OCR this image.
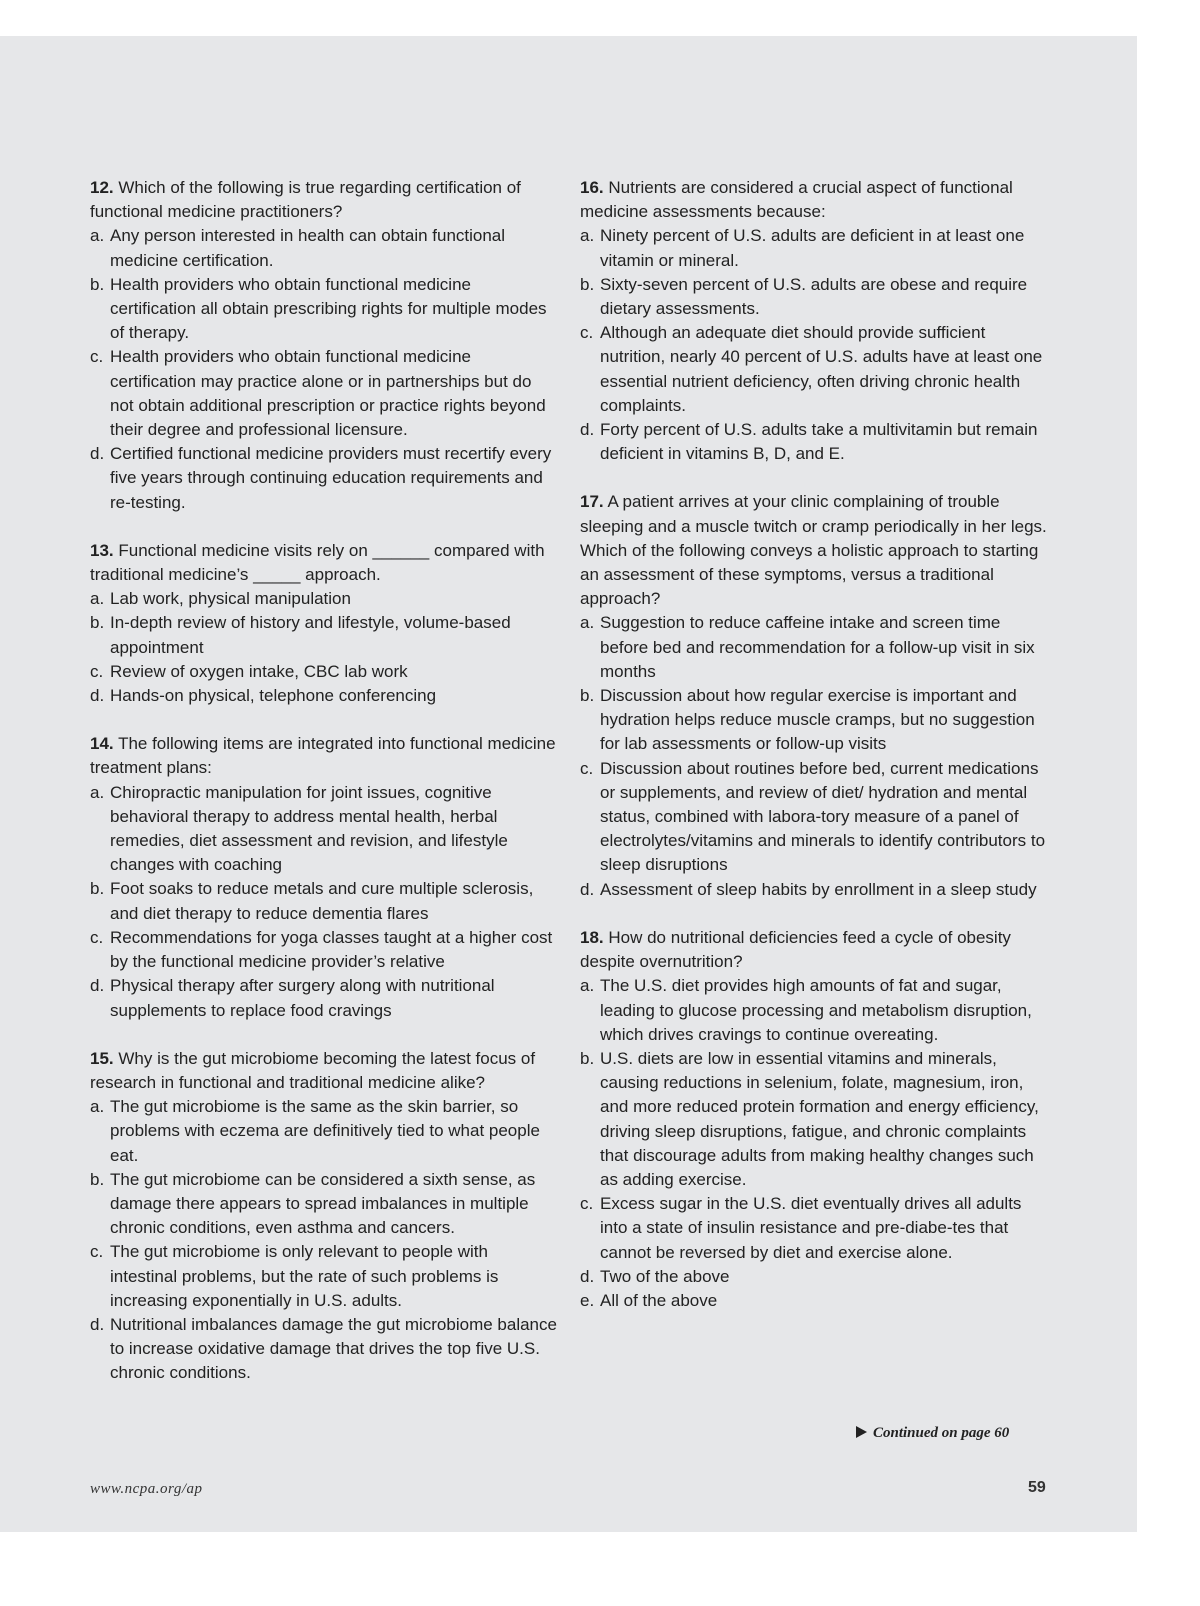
12. Which of the following is true regarding certification of functional medicine practitioners?

a. Any person interested in health can obtain functional medicine certification.
b. Health providers who obtain functional medicine certification all obtain prescribing rights for multiple modes of therapy.
c. Health providers who obtain functional medicine certification may practice alone or in partnerships but do not obtain additional prescription or practice rights beyond their degree and professional licensure.
d. Certified functional medicine providers must recertify every five years through continuing education requirements and re-testing.

13. Functional medicine visits rely on ______ compared with traditional medicine’s _____ approach.

a. Lab work, physical manipulation
b. In-depth review of history and lifestyle, volume-based appointment
c. Review of oxygen intake, CBC lab work
d. Hands-on physical, telephone conferencing

14. The following items are integrated into functional medicine treatment plans:

a. Chiropractic manipulation for joint issues, cognitive behavioral therapy to address mental health, herbal remedies, diet assessment and revision, and lifestyle changes with coaching
b. Foot soaks to reduce metals and cure multiple sclerosis, and diet therapy to reduce dementia flares
c. Recommendations for yoga classes taught at a higher cost by the functional medicine provider’s relative
d. Physical therapy after surgery along with nutritional supplements to replace food cravings

15. Why is the gut microbiome becoming the latest focus of research in functional and traditional medicine alike?

a. The gut microbiome is the same as the skin barrier, so problems with eczema are definitively tied to what people eat.
b. The gut microbiome can be considered a sixth sense, as damage there appears to spread imbalances in multiple chronic conditions, even asthma and cancers.
c. The gut microbiome is only relevant to people with intestinal problems, but the rate of such problems is increasing exponentially in U.S. adults.
d. Nutritional imbalances damage the gut microbiome balance to increase oxidative damage that drives the top five U.S. chronic conditions.

16. Nutrients are considered a crucial aspect of functional medicine assessments because:

a. Ninety percent of U.S. adults are deficient in at least one vitamin or mineral.
b. Sixty-seven percent of U.S. adults are obese and require dietary assessments.
c. Although an adequate diet should provide sufficient nutrition, nearly 40 percent of U.S. adults have at least one essential nutrient deficiency, often driving chronic health complaints.
d. Forty percent of U.S. adults take a multivitamin but remain deficient in vitamins B, D, and E.

17. A patient arrives at your clinic complaining of trouble sleeping and a muscle twitch or cramp periodically in her legs. Which of the following conveys a holistic approach to starting an assessment of these symptoms, versus a traditional approach?

a. Suggestion to reduce caffeine intake and screen time before bed and recommendation for a follow-up visit in six months
b. Discussion about how regular exercise is important and hydration helps reduce muscle cramps, but no suggestion for lab assessments or follow-up visits
c. Discussion about routines before bed, current medications or supplements, and review of diet/ hydration and mental status, combined with labora-tory measure of a panel of electrolytes/vitamins and minerals to identify contributors to sleep disruptions
d. Assessment of sleep habits by enrollment in a sleep study

18. How do nutritional deficiencies feed a cycle of obesity despite overnutrition?

a. The U.S. diet provides high amounts of fat and sugar, leading to glucose processing and metabolism disruption, which drives cravings to continue overeating.
b. U.S. diets are low in essential vitamins and minerals, causing reductions in selenium, folate, magnesium, iron, and more reduced protein formation and energy efficiency, driving sleep disruptions, fatigue, and chronic complaints that discourage adults from making healthy changes such as adding exercise.
c. Excess sugar in the U.S. diet eventually drives all adults into a state of insulin resistance and pre-diabe-tes that cannot be reversed by diet and exercise alone.
d. Two of the above
e. All of the above
Continued on page 60
www.ncpa.org/ap	59
